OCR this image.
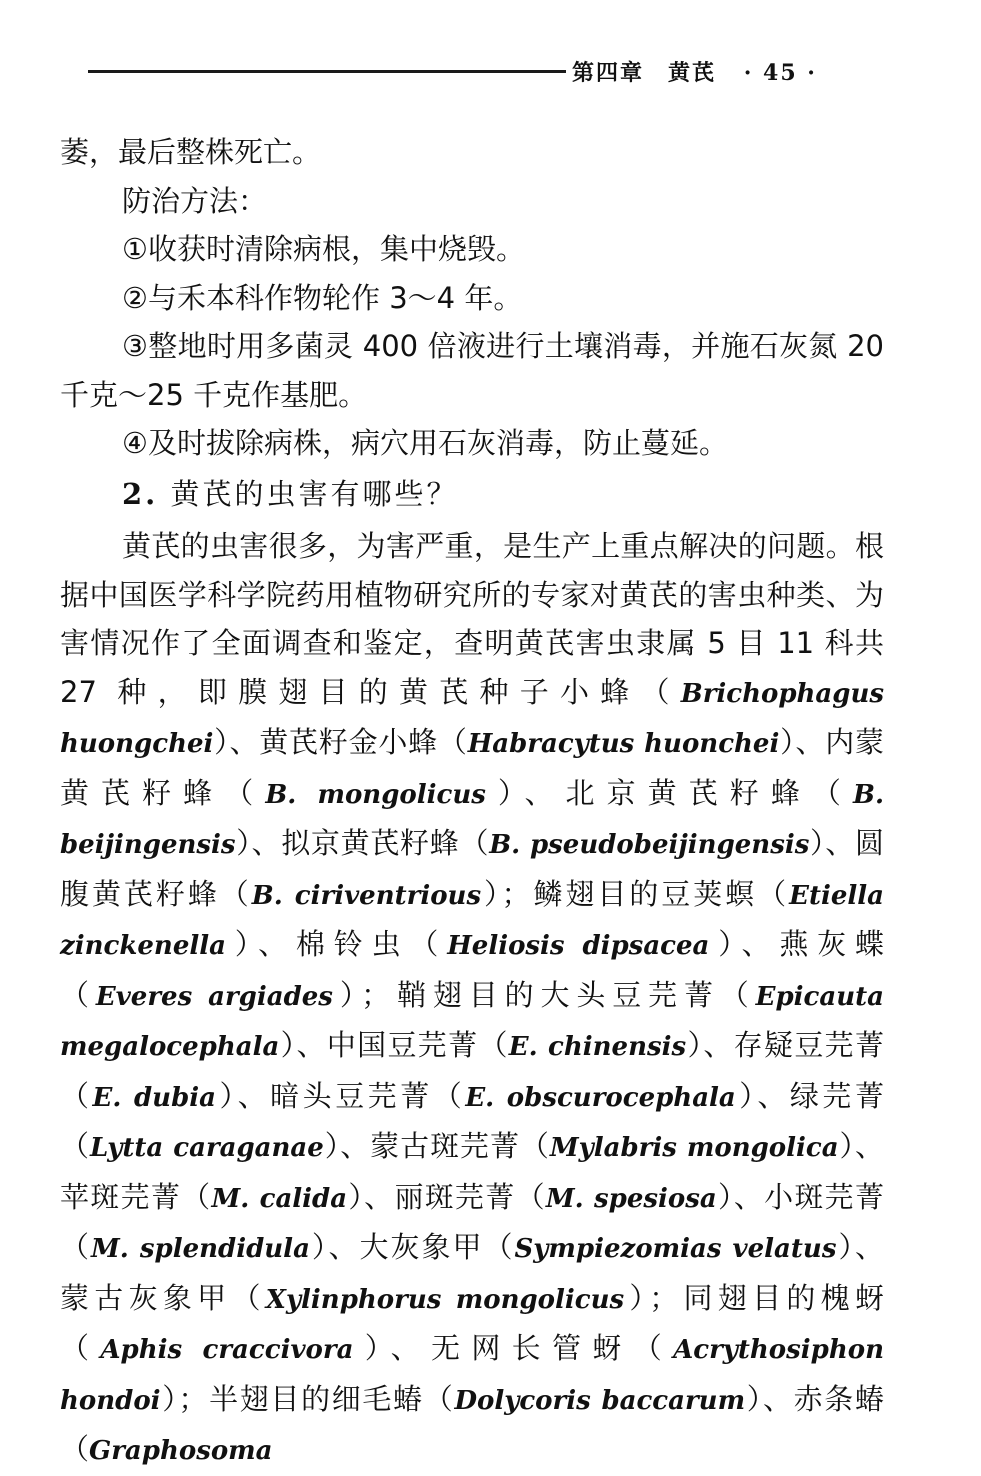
第四章　黄芪 · 45 ·

萎，最后整株死亡。

防治方法：

①收获时清除病根，集中烧毁。

②与禾本科作物轮作 3～4 年。

③整地时用多菌灵 400 倍液进行土壤消毒，并施石灰氮 20 千克～25 千克作基肥。

④及时拔除病株，病穴用石灰消毒，防止蔓延。

2. 黄芪的虫害有哪些？

黄芪的虫害很多，为害严重，是生产上重点解决的问题。根据中国医学科学院药用植物研究所的专家对黄芪的害虫种类、为害情况作了全面调查和鉴定，查明黄芪害虫隶属 5 目 11 科共 27 种，即膜翅目的黄芪种子小蜂（Brichophagus huongchei）、黄芪籽金小蜂（Habracytus huonchei）、内蒙黄芪籽蜂（B. mongolicus）、北京黄芪籽蜂（B. beijingensis）、拟京黄芪籽蜂（B. pseudobeijingensis）、圆腹黄芪籽蜂（B. ciriventrious）；鳞翅目的豆荚螟（Etiella zinckenella）、棉铃虫（Heliosis dipsacea）、燕灰蝶（Everes argiades）；鞘翅目的大头豆芫菁（Epicauta megalocephala）、中国豆芫菁（E. chinensis）、存疑豆芫菁（E. dubia）、暗头豆芫菁（E. obscurocephala）、绿芫菁（Lytta caraganae）、蒙古斑芫菁（Mylabris mongolica）、苹斑芫菁（M. calida）、丽斑芫菁（M. spesiosa）、小斑芫菁（M. splendidula）、大灰象甲（Sympiezomias velatus）、蒙古灰象甲（Xylinphorus mongolicus）；同翅目的槐蚜（Aphis craccivora）、无网长管蚜（Acrythosiphon hondoi）；半翅目的细毛蝽（Dolycoris baccarum）、赤条蝽（Graphosoma
